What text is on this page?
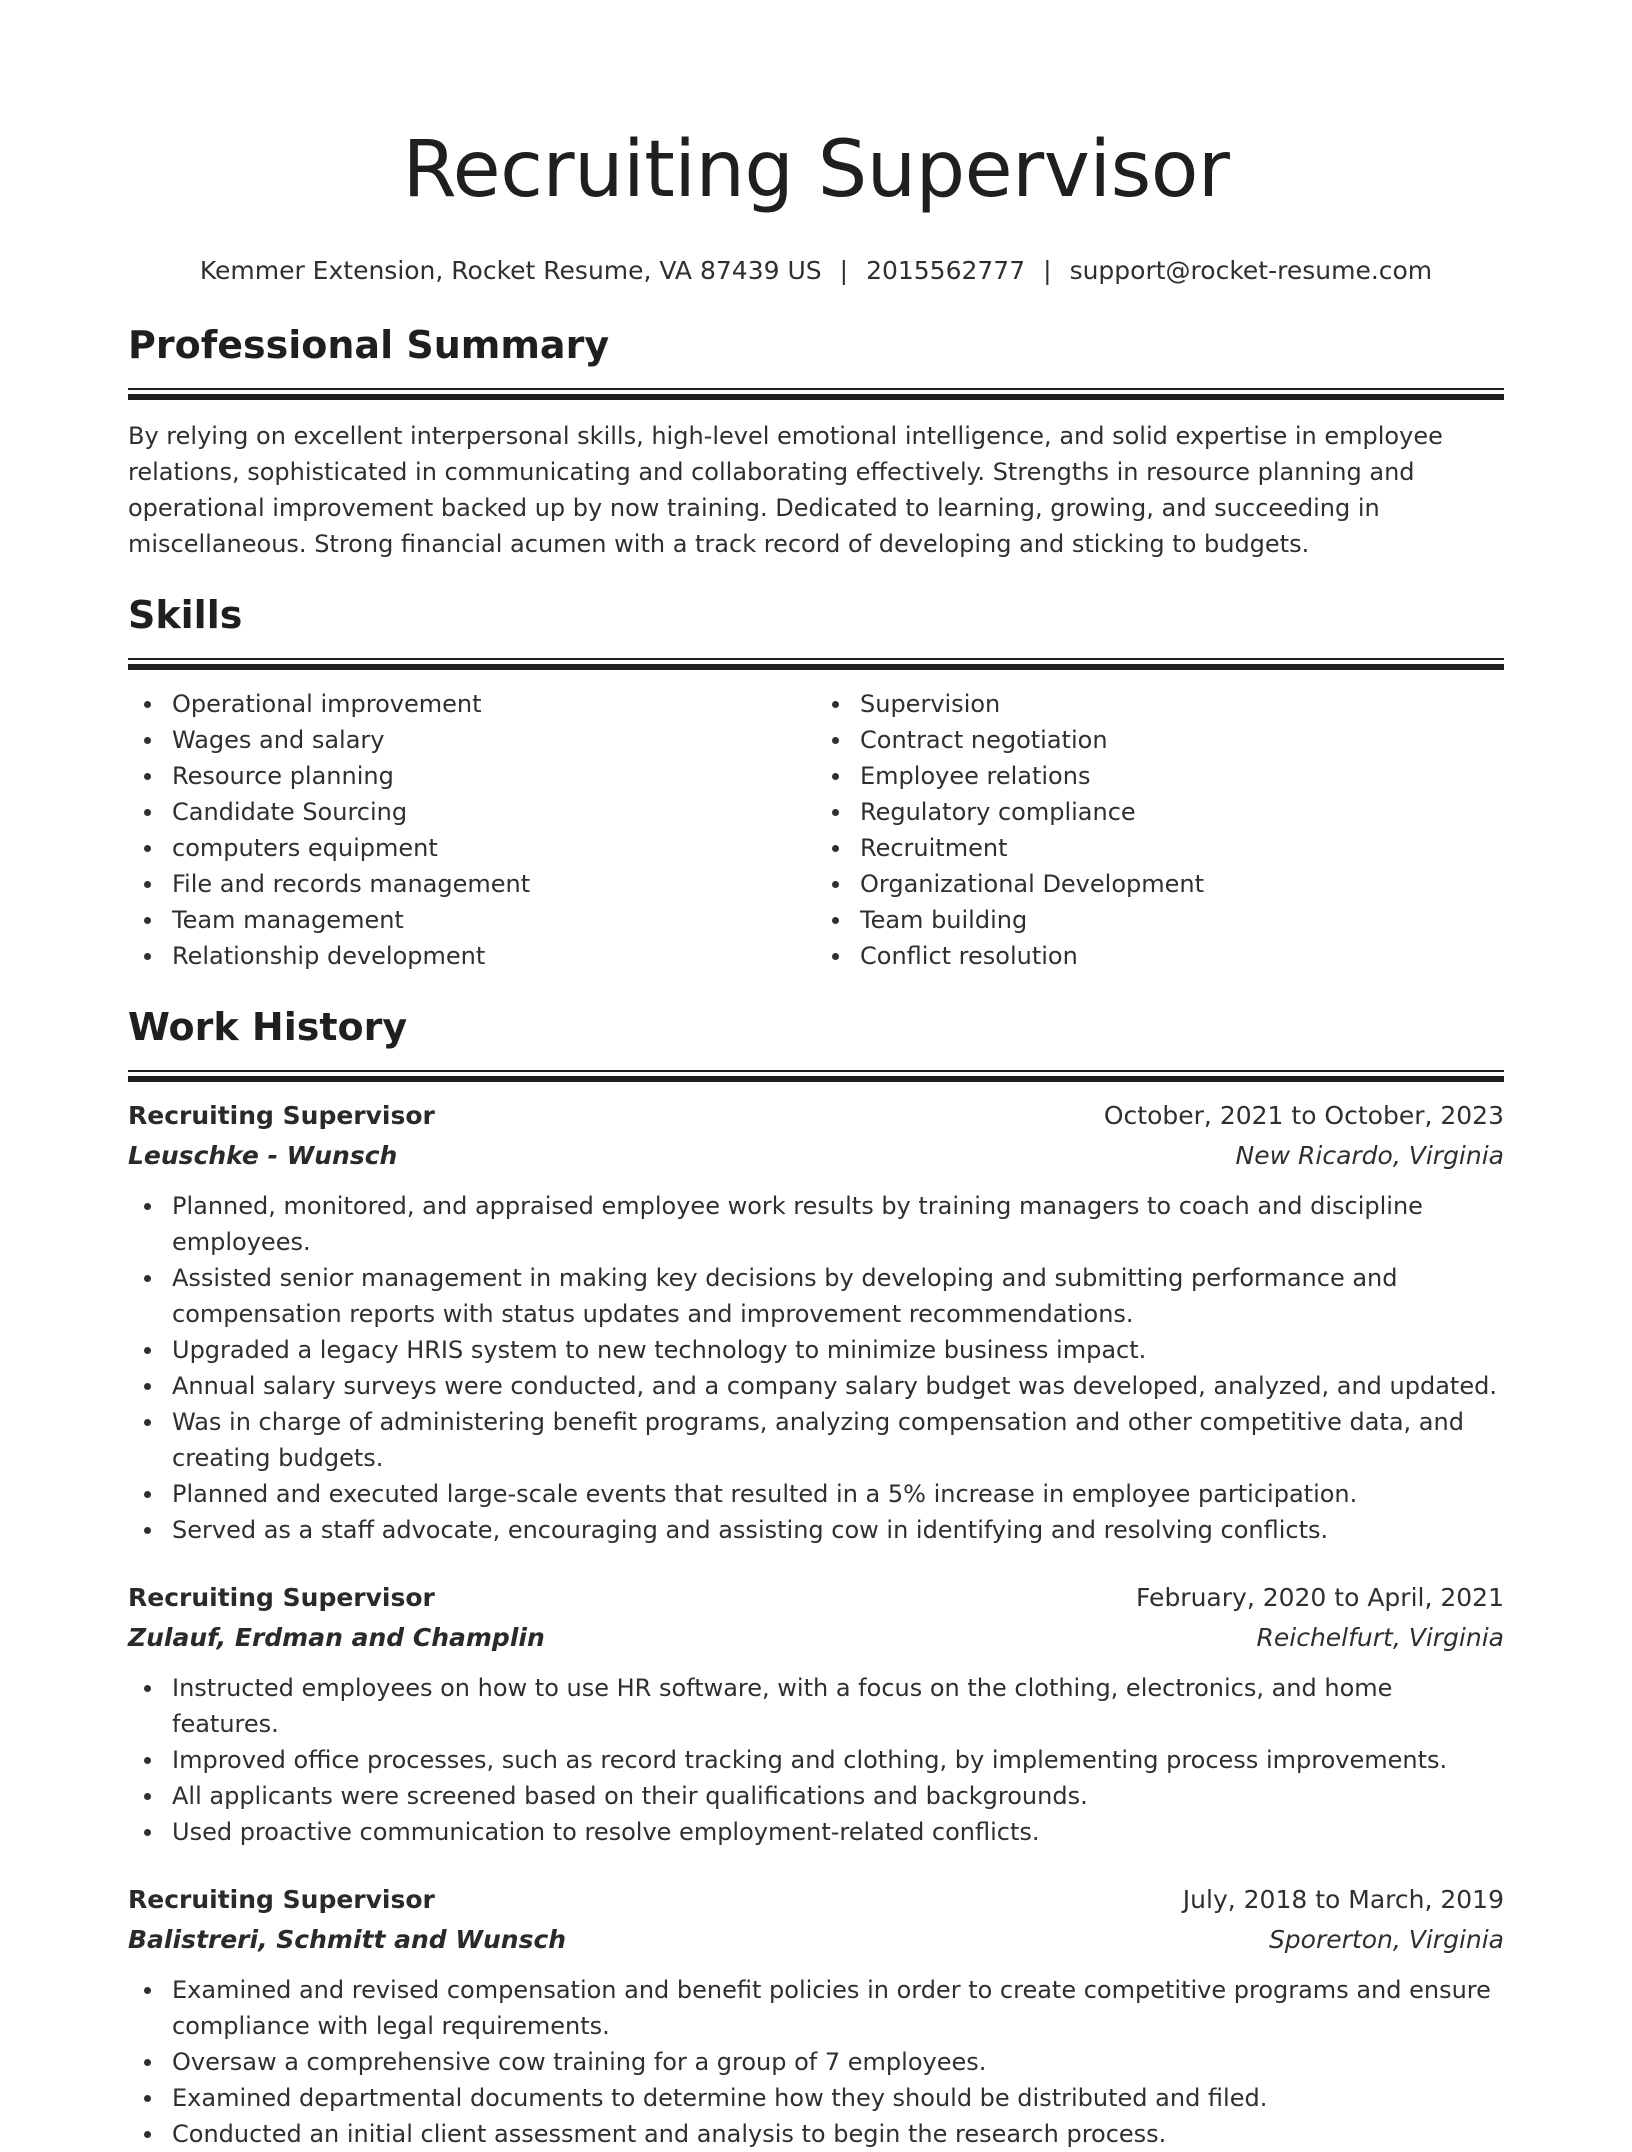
Recruiting Supervisor
Kemmer Extension, Rocket Resume, VA 87439 US | 2015562777 | support@rocket-resume.com
Professional Summary

By relying on excellent interpersonal skills, high-level emotional intelligence, and solid expertise in employee relations, sophisticated in communicating and collaborating effectively. Strengths in resource planning and operational improvement backed up by now training. Dedicated to learning, growing, and succeeding in miscellaneous. Strong financial acumen with a track record of developing and sticking to budgets.

Skills
Operational improvement
Wages and salary
Resource planning
Candidate Sourcing
computers equipment
File and records management
Team management
Relationship development
Supervision
Contract negotiation
Employee relations
Regulatory compliance
Recruitment
Organizational Development
Team building
Conflict resolution
Work History
Recruiting Supervisor	October, 2021 to October, 2023
Leuschke - Wunsch	New Ricardo, Virginia
Planned, monitored, and appraised employee work results by training managers to coach and discipline employees.
Assisted senior management in making key decisions by developing and submitting performance and compensation reports with status updates and improvement recommendations.
Upgraded a legacy HRIS system to new technology to minimize business impact.
Annual salary surveys were conducted, and a company salary budget was developed, analyzed, and updated.
Was in charge of administering benefit programs, analyzing compensation and other competitive data, and creating budgets.
Planned and executed large-scale events that resulted in a 5% increase in employee participation.
Served as a staff advocate, encouraging and assisting cow in identifying and resolving conflicts.
Recruiting Supervisor	February, 2020 to April, 2021
Zulauf, Erdman and Champlin	Reichelfurt, Virginia
Instructed employees on how to use HR software, with a focus on the clothing, electronics, and home features.
Improved office processes, such as record tracking and clothing, by implementing process improvements.
All applicants were screened based on their qualifications and backgrounds.
Used proactive communication to resolve employment-related conflicts.
Recruiting Supervisor	July, 2018 to March, 2019
Balistreri, Schmitt and Wunsch	Sporerton, Virginia
Examined and revised compensation and benefit policies in order to create competitive programs and ensure compliance with legal requirements.
Oversaw a comprehensive cow training for a group of 7 employees.
Examined departmental documents to determine how they should be distributed and filed.
Conducted an initial client assessment and analysis to begin the research process.
